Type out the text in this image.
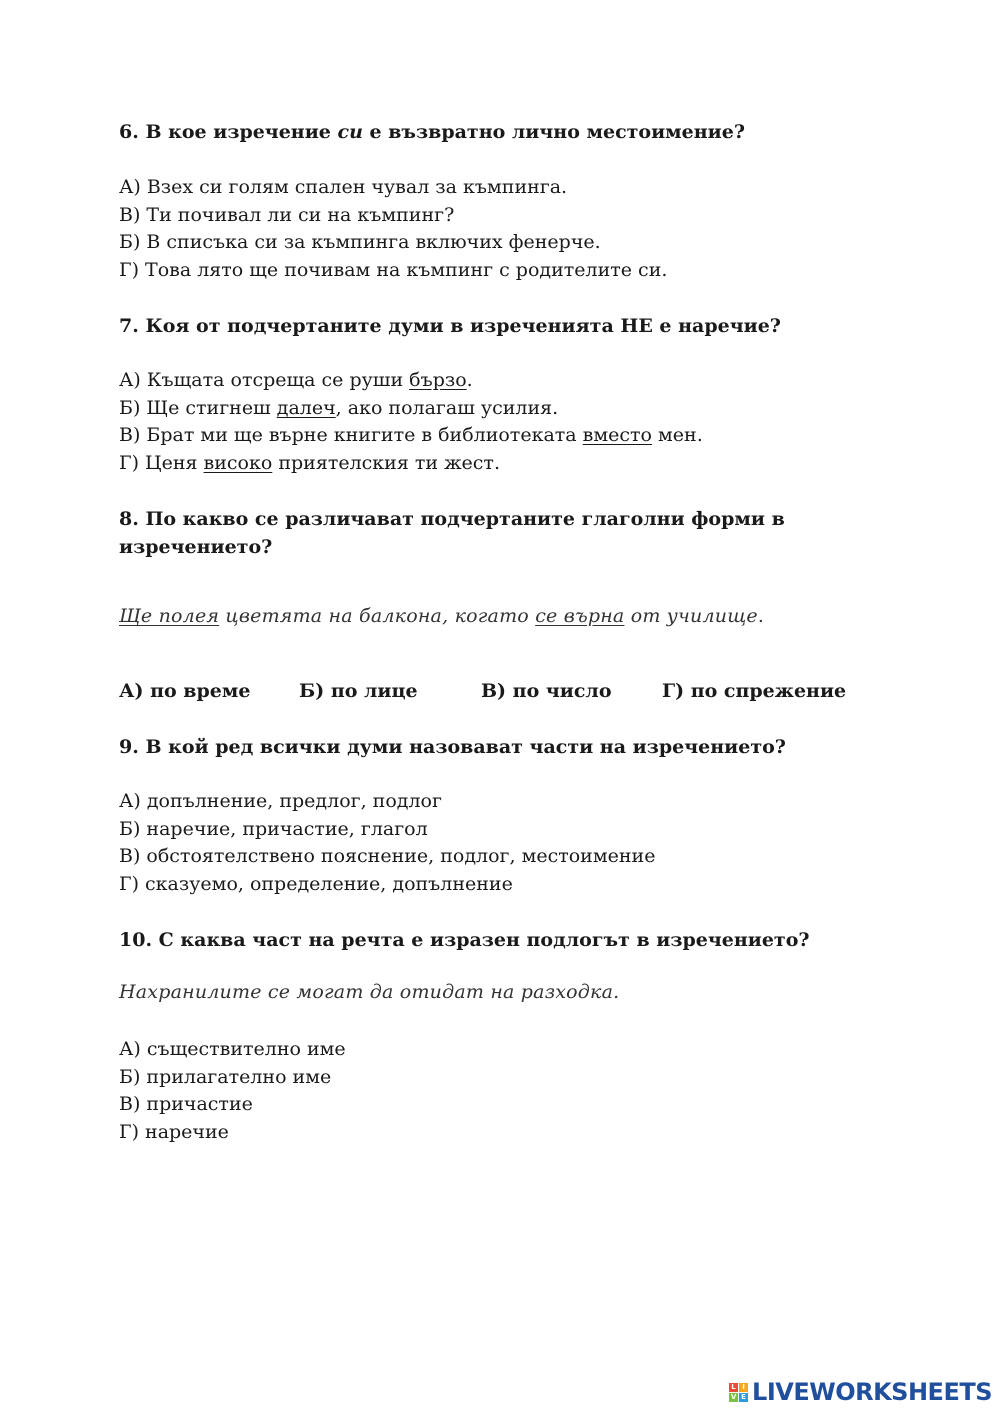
6. В кое изречение си е възвратно лично местоимение?
А) Взех си голям спален чувал за къмпинга.
В) Ти почивал ли си на къмпинг?
Б) В списъка си за къмпинга включих фенерче.
Г) Това лято ще почивам на къмпинг с родителите си.
7. Коя от подчертаните думи в изреченията НЕ е наречие?
А) Къщата отсреща се руши бързо.
Б) Ще стигнеш далеч, ако полагаш усилия.
В) Брат ми ще върне книгите в библиотеката вместо мен.
Г) Ценя високо приятелския ти жест.
8. По какво се различават подчертаните глаголни форми в
изречението?
Ще полея цветята на балкона, когато се върна от училище.
А) по време	Б) по лице	В) по число	Г) по спрежение
9. В кой ред всички думи назовават части на изречението?
А) допълнение, предлог, подлог
Б) наречие, причастие, глагол
В) обстоятелствено пояснение, подлог, местоимение
Г) сказуемо, определение, допълнение
10. С каква част на речта е изразен подлогът в изречението?
Нахранилите се могат да отидат на разходка.
А) съществително име
Б) прилагателно име
В) причастие
Г) наречие
L I
V E LIVEWORKSHEETS
